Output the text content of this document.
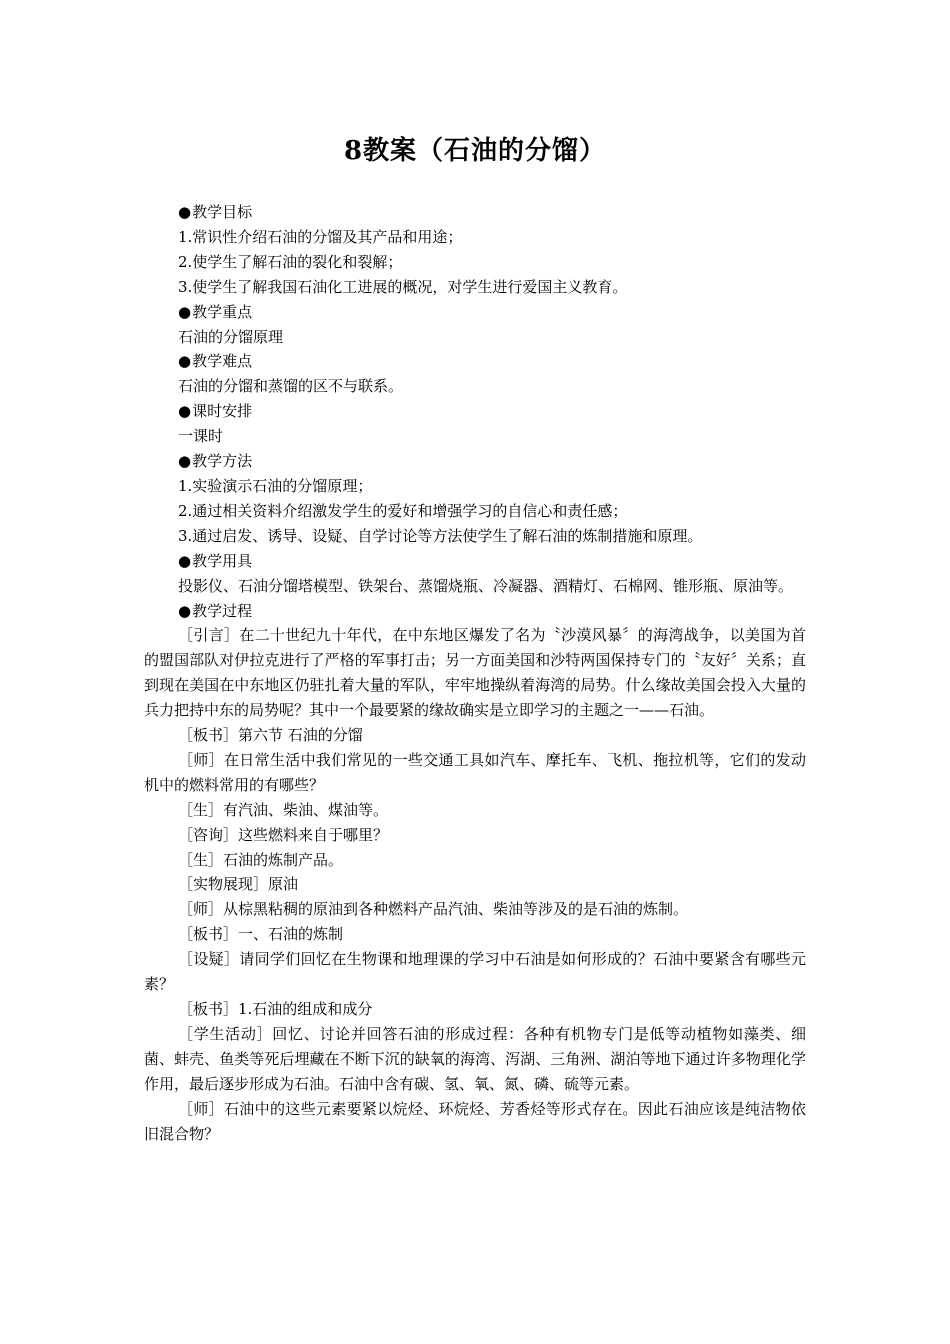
8教案（石油的分馏）

● 教学目标

1.常识性介绍石油的分馏及其产品和用途；

2.使学生了解石油的裂化和裂解；

3.使学生了解我国石油化工进展的概况，对学生进行爱国主义教育。

● 教学重点

石油的分馏原理

● 教学难点

石油的分馏和蒸馏的区不与联系。

● 课时安排

一课时

● 教学方法

1.实验演示石油的分馏原理；

2.通过相关资料介绍激发学生的爱好和增强学习的自信心和责任感；

3.通过启发、诱导、设疑、自学讨论等方法使学生了解石油的炼制措施和原理。

● 教学用具

投影仪、石油分馏塔模型、铁架台、蒸馏烧瓶、冷凝器、酒精灯、石棉网、锥形瓶、原油等。

● 教学过程

［引言］在二十世纪九十年代，在中东地区爆发了名为〝沙漠风暴〞的海湾战争，以美国为首的盟国部队对伊拉克进行了严格的军事打击；另一方面美国和沙特两国保持专门的〝友好〞关系；直到现在美国在中东地区仍驻扎着大量的军队，牢牢地操纵着海湾的局势。什么缘故美国会投入大量的兵力把持中东的局势呢？其中一个最要紧的缘故确实是立即学习的主题之一——石油。

［板书］第六节 石油的分馏

［师］在日常生活中我们常见的一些交通工具如汽车、摩托车、飞机、拖拉机等，它们的发动机中的燃料常用的有哪些？

［生］有汽油、柴油、煤油等。

［咨询］这些燃料来自于哪里？

［生］石油的炼制产品。

［实物展现］原油

［师］从棕黑粘稠的原油到各种燃料产品汽油、柴油等涉及的是石油的炼制。

［板书］一、石油的炼制

［设疑］请同学们回忆在生物课和地理课的学习中石油是如何形成的？石油中要紧含有哪些元素？

［板书］1.石油的组成和成分

［学生活动］回忆、讨论并回答石油的形成过程：各种有机物专门是低等动植物如藻类、细菌、蚌壳、鱼类等死后埋藏在不断下沉的缺氧的海湾、泻湖、三角洲、湖泊等地下通过许多物理化学作用，最后逐步形成为石油。石油中含有碳、氢、氧、氮、磷、硫等元素。

［师］石油中的这些元素要紧以烷烃、环烷烃、芳香烃等形式存在。因此石油应该是纯洁物依旧混合物？
